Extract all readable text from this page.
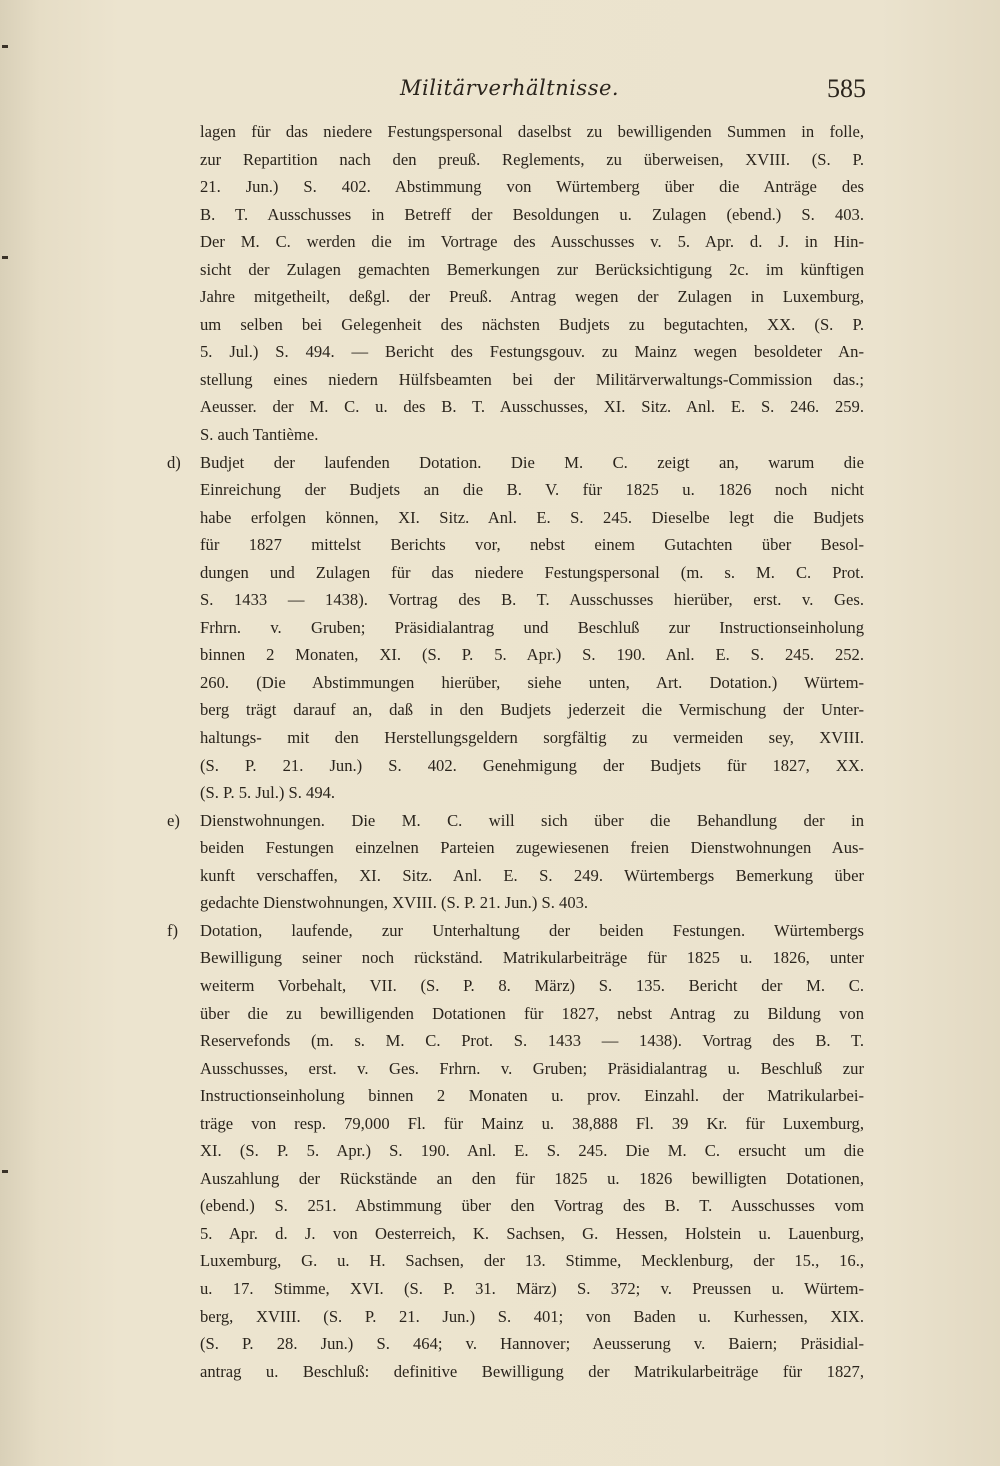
Militärverhältnisse.	585
lagen für das niedere Festungspersonal daselbst zu bewilligenden Summen in folle,
zur Repartition nach den preuß. Reglements, zu überweisen, XVIII. (S. P.
21. Jun.) S. 402. Abstimmung von Würtemberg über die Anträge des
B. T. Ausschusses in Betreff der Besoldungen u. Zulagen (ebend.) S. 403.
Der M. C. werden die im Vortrage des Ausschusses v. 5. Apr. d. J. in Hin-
sicht der Zulagen gemachten Bemerkungen zur Berücksichtigung 2c. im künftigen
Jahre mitgetheilt, deßgl. der Preuß. Antrag wegen der Zulagen in Luxemburg,
um selben bei Gelegenheit des nächsten Budjets zu begutachten, XX. (S. P.
5. Jul.) S. 494. — Bericht des Festungsgouv. zu Mainz wegen besoldeter An-
stellung eines niedern Hülfsbeamten bei der Militärverwaltungs-Commission das.;
Aeusser. der M. C. u. des B. T. Ausschusses, XI. Sitz. Anl. E. S. 246. 259.
S. auch Tantième.
d)	Budjet der laufenden Dotation. Die M. C. zeigt an, warum die
Einreichung der Budjets an die B. V. für 1825 u. 1826 noch nicht
habe erfolgen können, XI. Sitz. Anl. E. S. 245. Dieselbe legt die Budjets
für 1827 mittelst Berichts vor, nebst einem Gutachten über Besol-
dungen und Zulagen für das niedere Festungspersonal (m. s. M. C. Prot.
S. 1433 — 1438). Vortrag des B. T. Ausschusses hierüber, erst. v. Ges.
Frhrn. v. Gruben; Präsidialantrag und Beschluß zur Instructionseinholung
binnen 2 Monaten, XI. (S. P. 5. Apr.) S. 190. Anl. E. S. 245. 252.
260. (Die Abstimmungen hierüber, siehe unten, Art. Dotation.) Würtem-
berg trägt darauf an, daß in den Budjets jederzeit die Vermischung der Unter-
haltungs- mit den Herstellungsgeldern sorgfältig zu vermeiden sey, XVIII.
(S. P. 21. Jun.) S. 402. Genehmigung der Budjets für 1827, XX.
(S. P. 5. Jul.) S. 494.
e)	Dienstwohnungen. Die M. C. will sich über die Behandlung der in
beiden Festungen einzelnen Parteien zugewiesenen freien Dienstwohnungen Aus-
kunft verschaffen, XI. Sitz. Anl. E. S. 249. Würtembergs Bemerkung über
gedachte Dienstwohnungen, XVIII. (S. P. 21. Jun.) S. 403.
f)	Dotation, laufende, zur Unterhaltung der beiden Festungen. Würtembergs
Bewilligung seiner noch rückständ. Matrikularbeiträge für 1825 u. 1826, unter
weiterm Vorbehalt, VII. (S. P. 8. März) S. 135. Bericht der M. C.
über die zu bewilligenden Dotationen für 1827, nebst Antrag zu Bildung von
Reservefonds (m. s. M. C. Prot. S. 1433 — 1438). Vortrag des B. T.
Ausschusses, erst. v. Ges. Frhrn. v. Gruben; Präsidialantrag u. Beschluß zur
Instructionseinholung binnen 2 Monaten u. prov. Einzahl. der Matrikularbei-
träge von resp. 79,000 Fl. für Mainz u. 38,888 Fl. 39 Kr. für Luxemburg,
XI. (S. P. 5. Apr.) S. 190. Anl. E. S. 245. Die M. C. ersucht um die
Auszahlung der Rückstände an den für 1825 u. 1826 bewilligten Dotationen,
(ebend.) S. 251. Abstimmung über den Vortrag des B. T. Ausschusses vom
5. Apr. d. J. von Oesterreich, K. Sachsen, G. Hessen, Holstein u. Lauenburg,
Luxemburg, G. u. H. Sachsen, der 13. Stimme, Mecklenburg, der 15., 16.,
u. 17. Stimme, XVI. (S. P. 31. März) S. 372; v. Preussen u. Würtem-
berg, XVIII. (S. P. 21. Jun.) S. 401; von Baden u. Kurhessen, XIX.
(S. P. 28. Jun.) S. 464; v. Hannover; Aeusserung v. Baiern; Präsidial-
antrag u. Beschluß: definitive Bewilligung der Matrikularbeiträge für 1827,
